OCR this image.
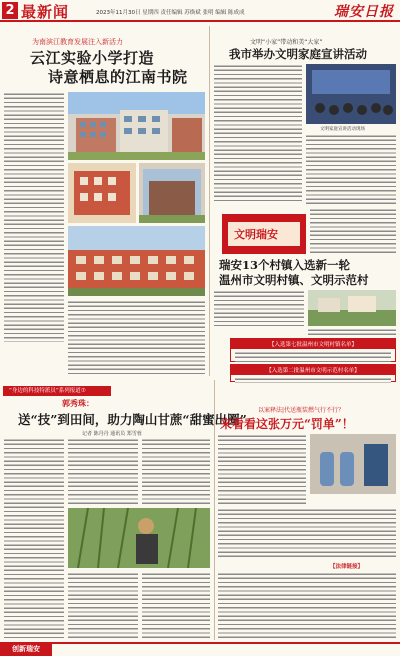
2 最新闻	2023年11月30日 星期四 责任编辑 苏焕斌 张明 编辑 陈成成	瑞安日报
为南滨江教育发展注入新活力
云江实验小学打造
诗意栖息的江南书院
文明“小家”带动和美“大家”
我市举办文明家庭宣讲活动
文明家庭宣讲活动现场
文明瑞安
瑞安13个村镇入选新一轮
温州市文明村镇、文明示范村
【入选第七批温州市文明村镇名单】
【入选第二批温州市文明示范村名单】
“身边的科技特派员”系列报道⑦
郭秀珠：
送“技”到田间，助力陶山甘蔗“甜蜜出圈”
记者 陈丹丹 通讯员 郑雪蓉
以案释法|代送瓶装燃气行不行？
来看看这张万元“罚单”！
【法律链接】
创新瑞安
